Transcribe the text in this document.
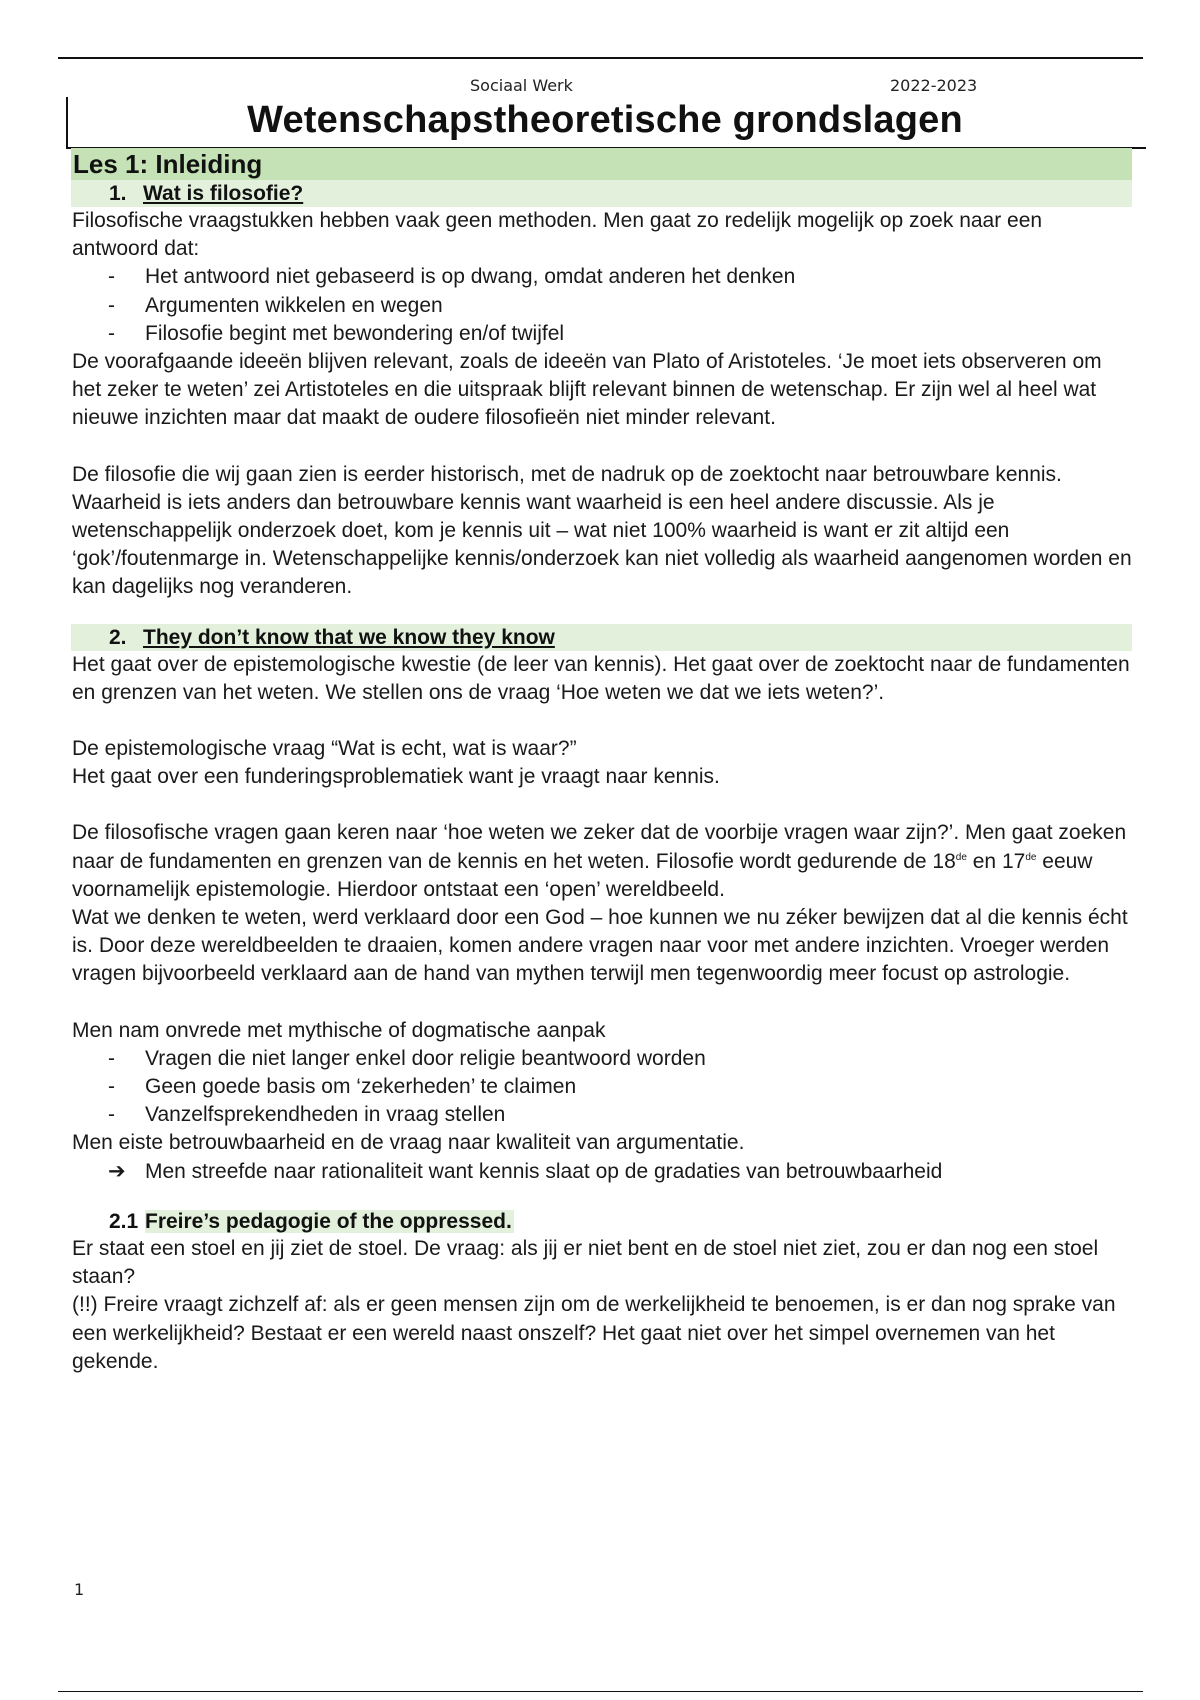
Sociaal Werk	2022-2023
Wetenschapstheoretische grondslagen
Les 1: Inleiding
1. Wat is filosofie?

Filosofische vraagstukken hebben vaak geen methoden. Men gaat zo redelijk mogelijk op zoek naar een antwoord dat:

- Het antwoord niet gebaseerd is op dwang, omdat anderen het denken
- Argumenten wikkelen en wegen
- Filosofie begint met bewondering en/of twijfel

De voorafgaande ideeën blijven relevant, zoals de ideeën van Plato of Aristoteles. ‘Je moet iets observeren om het zeker te weten’ zei Artistoteles en die uitspraak blijft relevant binnen de wetenschap. Er zijn wel al heel wat nieuwe inzichten maar dat maakt de oudere filosofieën niet minder relevant.

De filosofie die wij gaan zien is eerder historisch, met de nadruk op de zoektocht naar betrouwbare kennis. Waarheid is iets anders dan betrouwbare kennis want waarheid is een heel andere discussie. Als je wetenschappelijk onderzoek doet, kom je kennis uit – wat niet 100% waarheid is want er zit altijd een ‘gok’/foutenmarge in. Wetenschappelijke kennis/onderzoek kan niet volledig als waarheid aangenomen worden en kan dagelijks nog veranderen.

2. They don’t know that we know they know

Het gaat over de epistemologische kwestie (de leer van kennis). Het gaat over de zoektocht naar de fundamenten en grenzen van het weten. We stellen ons de vraag ‘Hoe weten we dat we iets weten?’.

De epistemologische vraag “Wat is echt, wat is waar?”

Het gaat over een funderingsproblematiek want je vraagt naar kennis.

De filosofische vragen gaan keren naar ‘hoe weten we zeker dat de voorbije vragen waar zijn?’. Men gaat zoeken naar de fundamenten en grenzen van de kennis en het weten. Filosofie wordt gedurende de 18de en 17de eeuw voornamelijk epistemologie. Hierdoor ontstaat een ‘open’ wereldbeeld.

Wat we denken te weten, werd verklaard door een God – hoe kunnen we nu zéker bewijzen dat al die kennis écht is. Door deze wereldbeelden te draaien, komen andere vragen naar voor met andere inzichten. Vroeger werden vragen bijvoorbeeld verklaard aan de hand van mythen terwijl men tegenwoordig meer focust op astrologie.

Men nam onvrede met mythische of dogmatische aanpak

- Vragen die niet langer enkel door religie beantwoord worden
- Geen goede basis om ‘zekerheden’ te claimen
- Vanzelfsprekendheden in vraag stellen

Men eiste betrouwbaarheid en de vraag naar kwaliteit van argumentatie.

➔ Men streefde naar rationaliteit want kennis slaat op de gradaties van betrouwbaarheid
2.1 Freire’s pedagogie of the oppressed.

Er staat een stoel en jij ziet de stoel. De vraag: als jij er niet bent en de stoel niet ziet, zou er dan nog een stoel staan?

(!!) Freire vraagt zichzelf af: als er geen mensen zijn om de werkelijkheid te benoemen, is er dan nog sprake van een werkelijkheid? Bestaat er een wereld naast onszelf? Het gaat niet over het simpel overnemen van het gekende.

1
